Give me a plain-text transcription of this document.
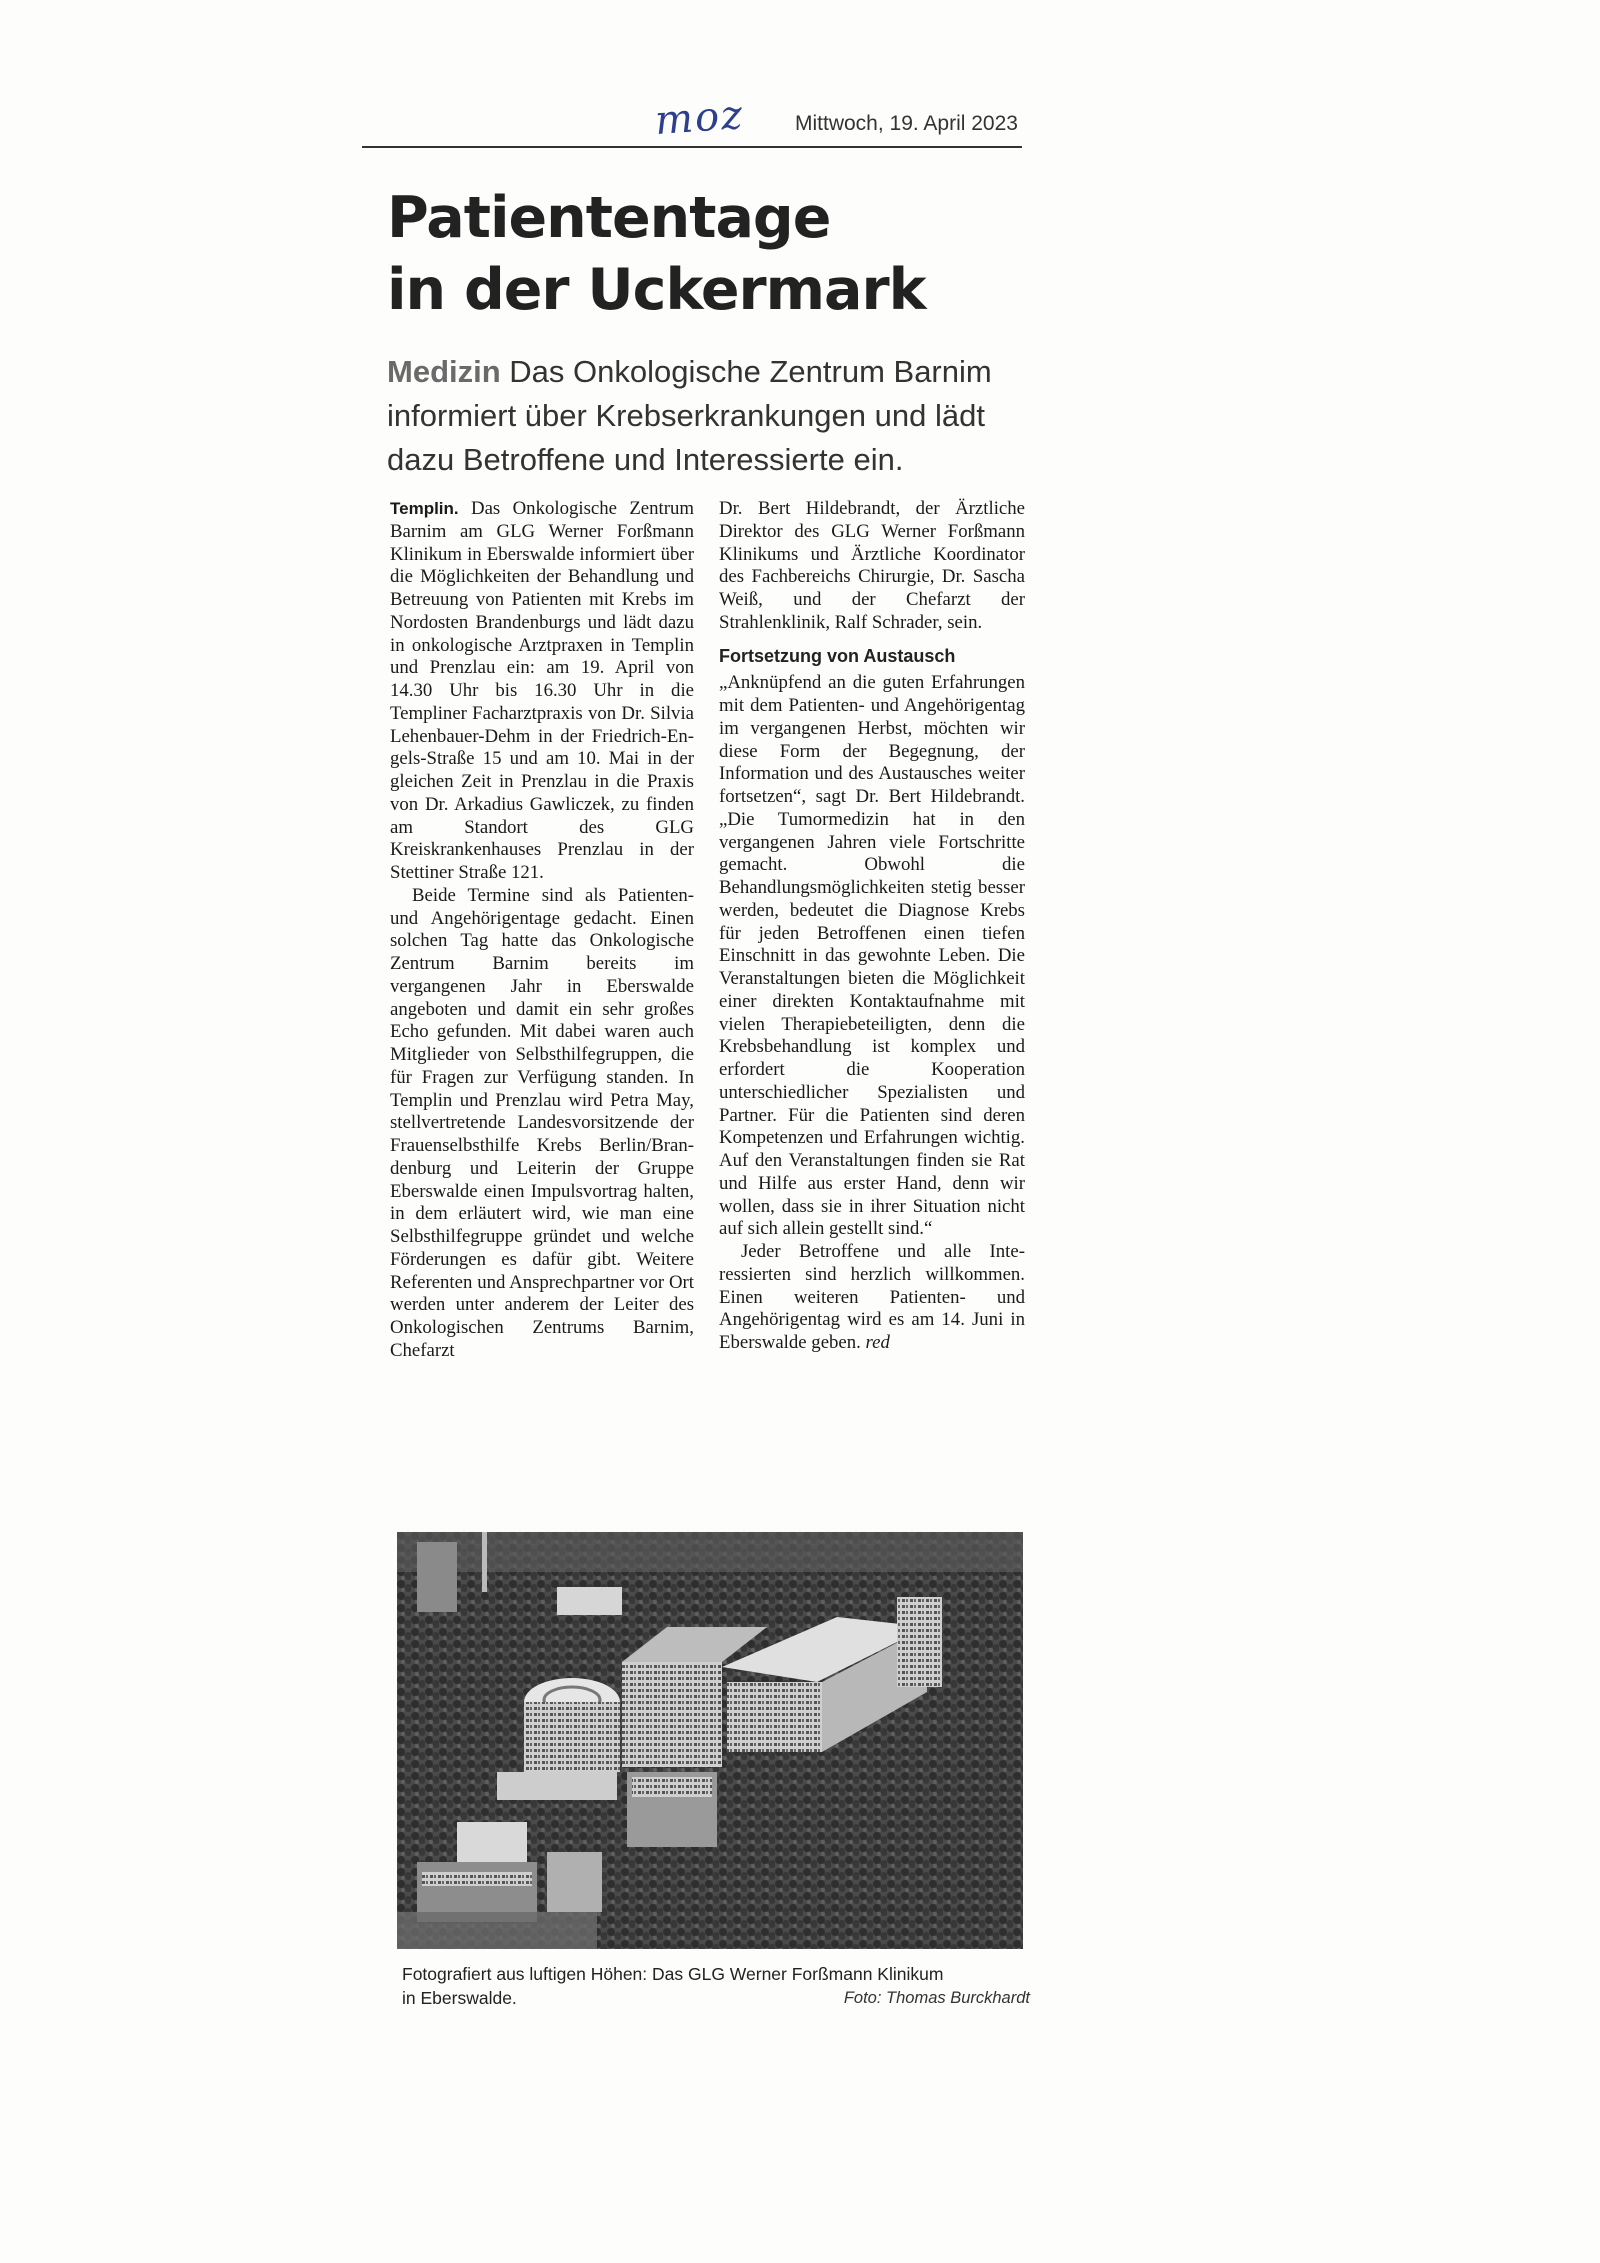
moz Mittwoch, 19. April 2023
Patiententage
in der Uckermark
Medizin Das Onkologische Zentrum Barnim informiert über Krebserkrankungen und lädt dazu Betroffene und Interessierte ein.

Templin. Das Onkologische Zentrum Barnim am GLG Werner Forßmann Klinikum in Eberswalde informiert über die Möglichkeiten der Behandlung und Betreuung von Patienten mit Krebs im Nordosten Brandenburgs und lädt dazu in onkologische Arztpraxen in Templin und Prenzlau ein: am 19. April von 14.30 Uhr bis 16.30 Uhr in die Templiner Facharztpraxis von Dr. Silvia Lehenbauer-Dehm in der Friedrich-Engels-Straße 15 und am 10. Mai in der gleichen Zeit in Prenzlau in die Praxis von Dr. Arkadius Gawliczek, zu finden am Standort des GLG Kreiskrankenhauses Prenzlau in der Stettiner Straße 121.

Beide Termine sind als Patienten- und Angehörigentage gedacht. Einen solchen Tag hatte das Onkologische Zentrum Barnim bereits im vergangenen Jahr in Eberswalde angeboten und damit ein sehr großes Echo gefunden. Mit dabei waren auch Mitglieder von Selbsthilfegruppen, die für Fragen zur Verfügung standen. In Templin und Prenzlau wird Petra May, stellvertretende Landesvorsitzende der Frauenselbsthilfe Krebs Berlin/Brandenburg und Leiterin der Gruppe Eberswalde einen Impulsvortrag halten, in dem erläutert wird, wie man eine Selbsthilfegruppe gründet und welche Förderungen es dafür gibt. Weitere Referenten und Ansprechpartner vor Ort werden unter anderem der Leiter des Onkologischen Zentrums Barnim, Chefarzt

Dr. Bert Hildebrandt, der Ärztliche Direktor des GLG Werner Forßmann Klinikums und Ärztliche Koordinator des Fachbereichs Chirurgie, Dr. Sascha Weiß, und der Chefarzt der Strahlenklinik, Ralf Schrader, sein.

Fortsetzung von Austausch

„Anknüpfend an die guten Erfahrungen mit dem Patienten- und Angehörigentag im vergangenen Herbst, möchten wir diese Form der Begegnung, der Information und des Austausches weiter fortsetzen“, sagt Dr. Bert Hildebrandt. „Die Tumormedizin hat in den vergangenen Jahren viele Fortschritte gemacht. Obwohl die Behandlungsmöglichkeiten stetig besser werden, bedeutet die Diagnose Krebs für jeden Betroffenen einen tiefen Einschnitt in das gewohnte Leben. Die Veranstaltungen bieten die Möglichkeit einer direkten Kontaktaufnahme mit vielen Therapiebeteiligten, denn die Krebsbehandlung ist komplex und erfordert die Kooperation unterschiedlicher Spezialisten und Partner. Für die Patienten sind deren Kompetenzen und Erfahrungen wichtig. Auf den Veranstaltungen finden sie Rat und Hilfe aus erster Hand, denn wir wollen, dass sie in ihrer Situation nicht auf sich allein gestellt sind.“

Jeder Betroffene und alle Interessierten sind herzlich willkommen. Einen weiteren Patienten- und Angehörigentag wird es am 14. Juni in Eberswalde geben. red

Fotografiert aus luftigen Höhen: Das GLG Werner Forßmann Klinikum
in Eberswalde.	Foto: Thomas Burckhardt
